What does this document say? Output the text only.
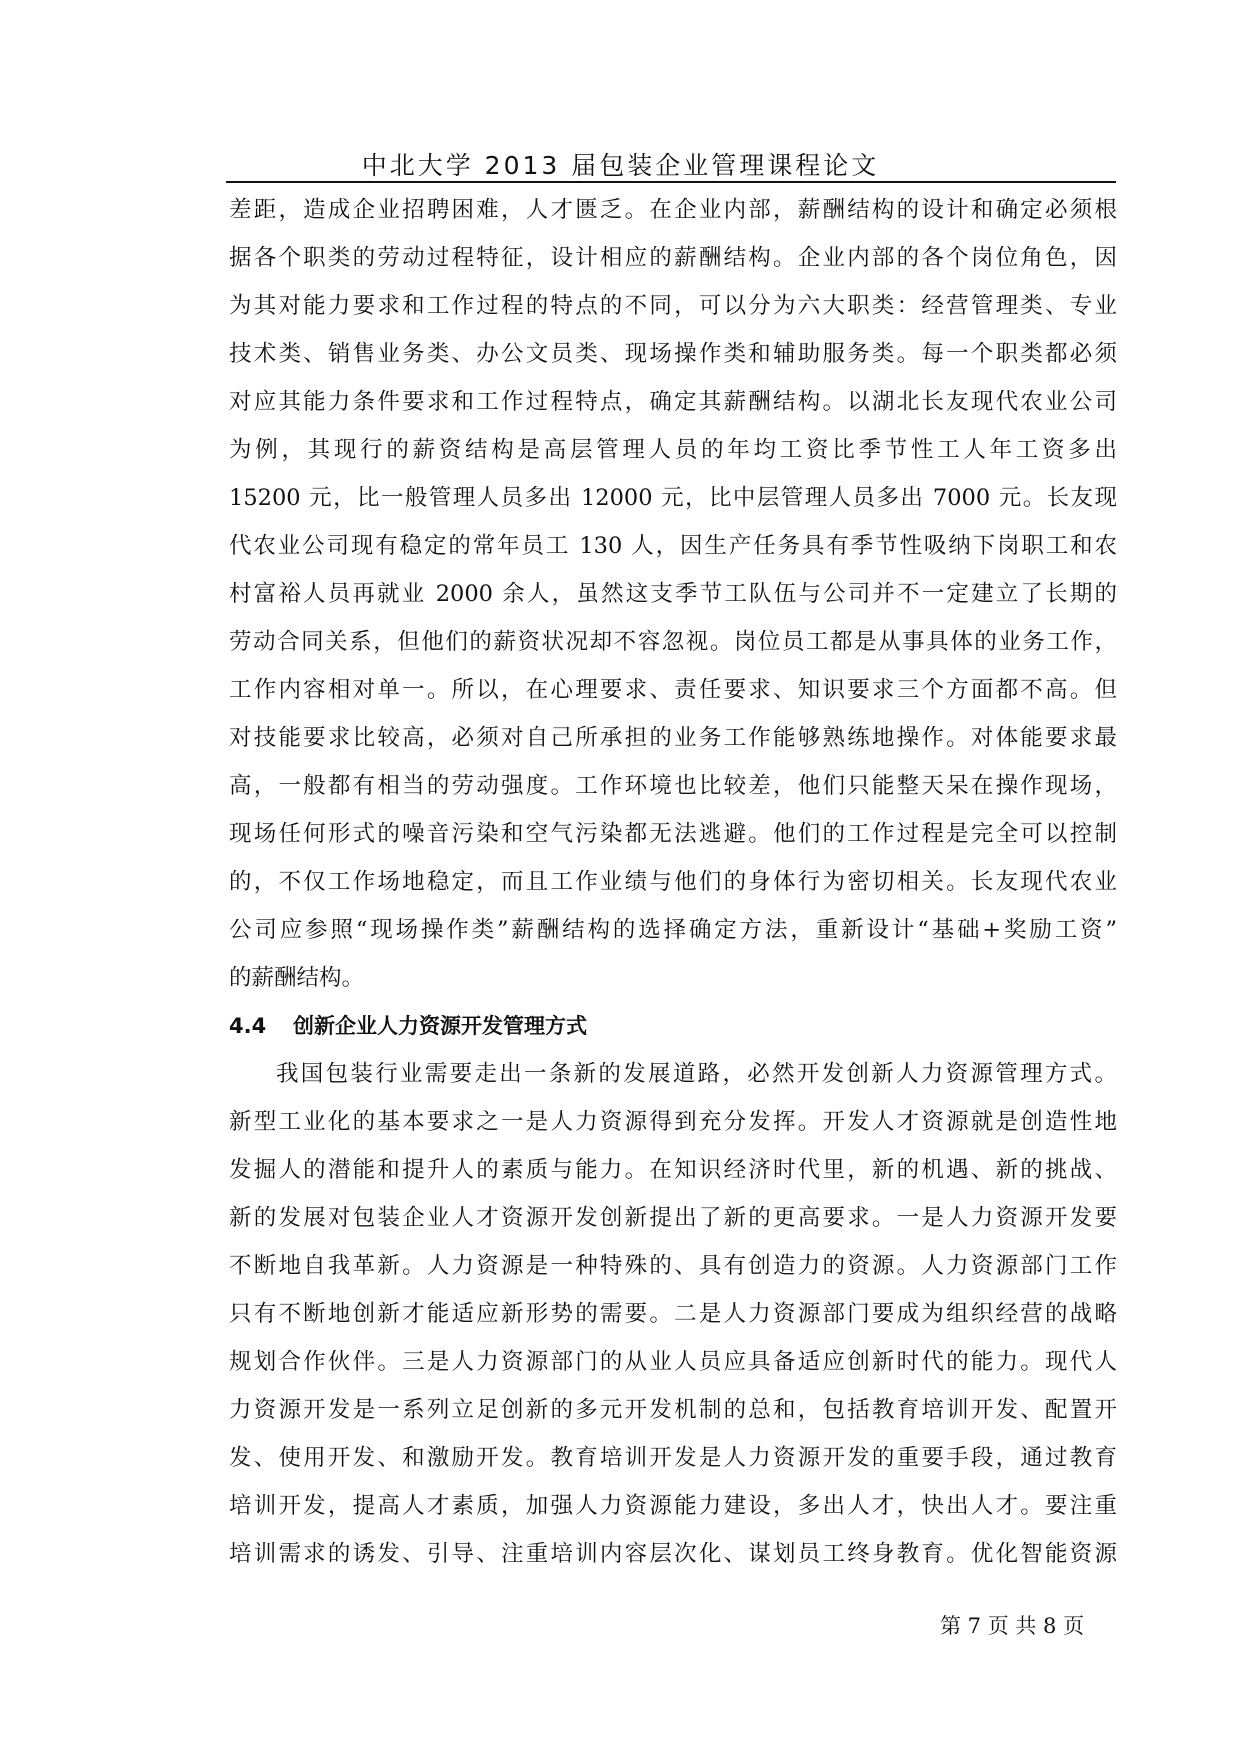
中北大学 2013 届包装企业管理课程论文
差距，造成企业招聘困难，人才匮乏。在企业内部，薪酬结构的设计和确定必须根
据各个职类的劳动过程特征，设计相应的薪酬结构。企业内部的各个岗位角色，因
为其对能力要求和工作过程的特点的不同，可以分为六大职类：经营管理类、专业
技术类、销售业务类、办公文员类、现场操作类和辅助服务类。每一个职类都必须
对应其能力条件要求和工作过程特点，确定其薪酬结构。以湖北长友现代农业公司
为例，其现行的薪资结构是高层管理人员的年均工资比季节性工人年工资多出
15200 元，比一般管理人员多出 12000 元，比中层管理人员多出 7000 元。长友现
代农业公司现有稳定的常年员工 130 人，因生产任务具有季节性吸纳下岗职工和农
村富裕人员再就业 2000 余人，虽然这支季节工队伍与公司并不一定建立了长期的
劳动合同关系，但他们的薪资状况却不容忽视。岗位员工都是从事具体的业务工作，
工作内容相对单一。所以，在心理要求、责任要求、知识要求三个方面都不高。但
对技能要求比较高，必须对自己所承担的业务工作能够熟练地操作。对体能要求最
高，一般都有相当的劳动强度。工作环境也比较差，他们只能整天呆在操作现场，
现场任何形式的噪音污染和空气污染都无法逃避。他们的工作过程是完全可以控制
的，不仅工作场地稳定，而且工作业绩与他们的身体行为密切相关。长友现代农业
公司应参照“现场操作类”薪酬结构的选择确定方法，重新设计“基础+奖励工资”
的薪酬结构。
4.4 创新企业人力资源开发管理方式
我国包装行业需要走出一条新的发展道路，必然开发创新人力资源管理方式。
新型工业化的基本要求之一是人力资源得到充分发挥。开发人才资源就是创造性地
发掘人的潜能和提升人的素质与能力。在知识经济时代里，新的机遇、新的挑战、
新的发展对包装企业人才资源开发创新提出了新的更高要求。一是人力资源开发要
不断地自我革新。人力资源是一种特殊的、具有创造力的资源。人力资源部门工作
只有不断地创新才能适应新形势的需要。二是人力资源部门要成为组织经营的战略
规划合作伙伴。三是人力资源部门的从业人员应具备适应创新时代的能力。现代人
力资源开发是一系列立足创新的多元开发机制的总和，包括教育培训开发、配置开
发、使用开发、和激励开发。教育培训开发是人力资源开发的重要手段，通过教育
培训开发，提高人才素质，加强人力资源能力建设，多出人才，快出人才。要注重
培训需求的诱发、引导、注重培训内容层次化、谋划员工终身教育。优化智能资源
第 7 页 共 8 页
